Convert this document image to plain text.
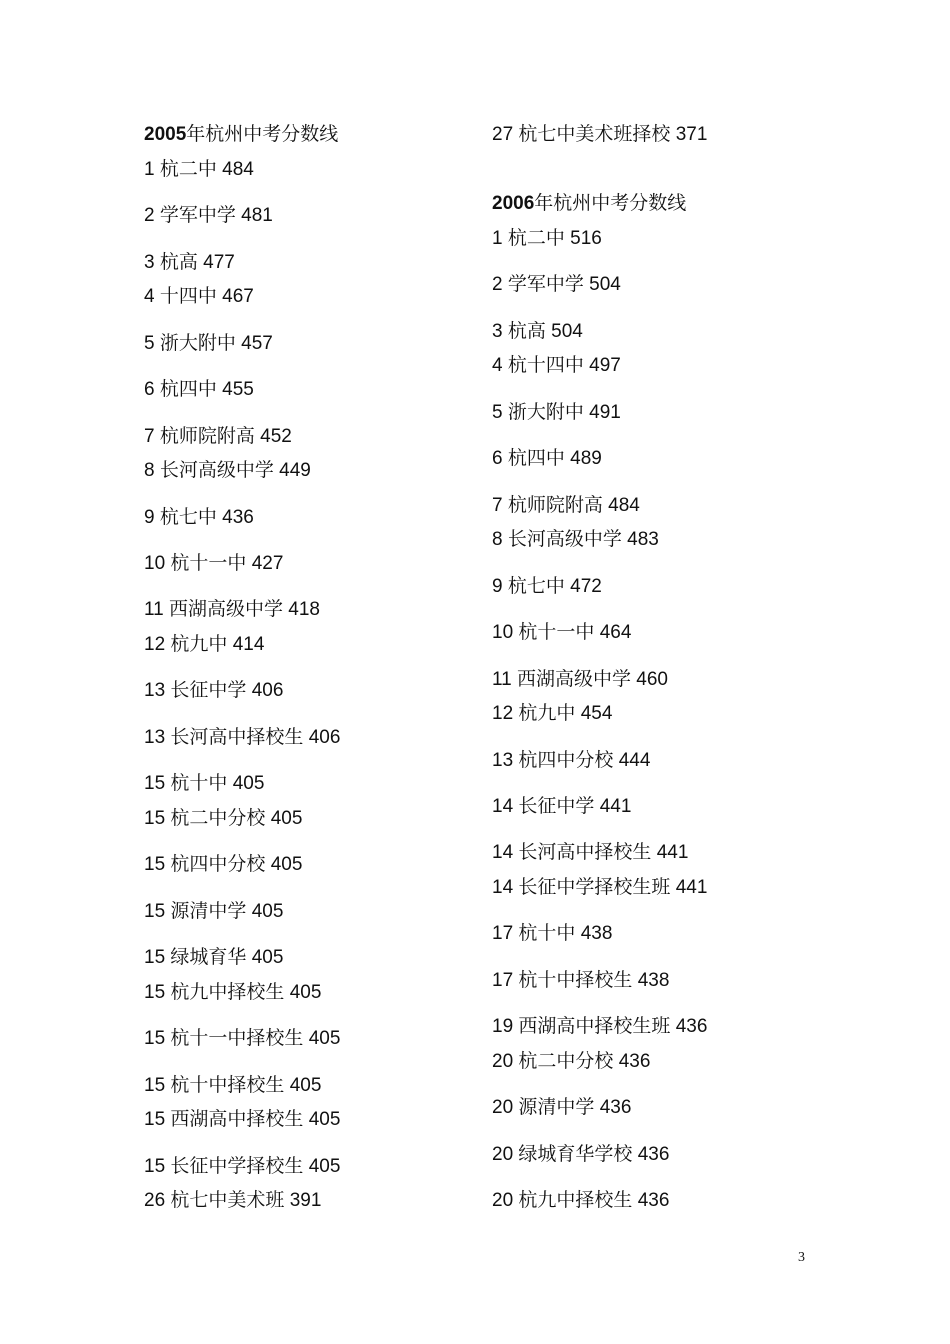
2005年杭州中考分数线
1 杭二中 484
2 学军中学 481
3 杭高 477
4 十四中 467
5 浙大附中 457
6 杭四中 455
7 杭师院附高 452
8 长河高级中学 449
9 杭七中 436
10 杭十一中 427
11 西湖高级中学 418
12 杭九中 414
13 长征中学 406
13 长河高中择校生 406
15 杭十中 405
15 杭二中分校 405
15 杭四中分校 405
15 源清中学 405
15 绿城育华 405
15 杭九中择校生 405
15 杭十一中择校生 405
15 杭十中择校生 405
15 西湖高中择校生 405
15 长征中学择校生 405
26 杭七中美术班 391
27 杭七中美术班择校 371
2006年杭州中考分数线
1 杭二中 516
2 学军中学 504
3 杭高 504
4 杭十四中 497
5 浙大附中 491
6 杭四中 489
7 杭师院附高 484
8 长河高级中学 483
9 杭七中 472
10 杭十一中 464
11 西湖高级中学 460
12 杭九中 454
13 杭四中分校 444
14 长征中学 441
14 长河高中择校生 441
14 长征中学择校生班 441
17 杭十中 438
17 杭十中择校生 438
19 西湖高中择校生班 436
20 杭二中分校 436
20 源清中学 436
20 绿城育华学校 436
20 杭九中择校生 436
3
